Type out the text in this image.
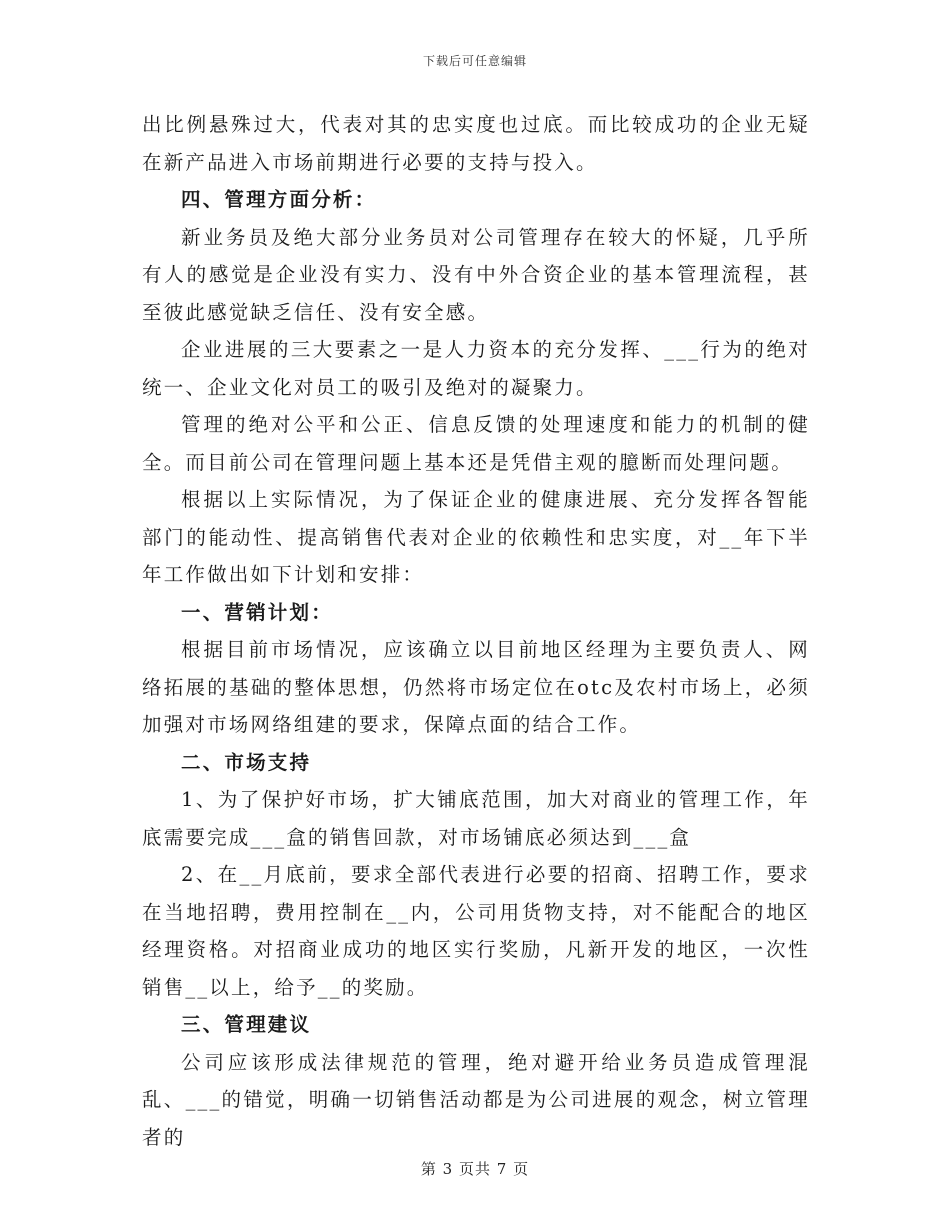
下载后可任意编辑

出比例悬殊过大，代表对其的忠实度也过底。而比较成功的企业无疑在新产品进入市场前期进行必要的支持与投入。

四、管理方面分析：

新业务员及绝大部分业务员对公司管理存在较大的怀疑，几乎所有人的感觉是企业没有实力、没有中外合资企业的基本管理流程，甚至彼此感觉缺乏信任、没有安全感。

企业进展的三大要素之一是人力资本的充分发挥、___行为的绝对统一、企业文化对员工的吸引及绝对的凝聚力。

管理的绝对公平和公正、信息反馈的处理速度和能力的机制的健全。而目前公司在管理问题上基本还是凭借主观的臆断而处理问题。

根据以上实际情况，为了保证企业的健康进展、充分发挥各智能部门的能动性、提高销售代表对企业的依赖性和忠实度，对__年下半年工作做出如下计划和安排：

一、营销计划：

根据目前市场情况，应该确立以目前地区经理为主要负责人、网络拓展的基础的整体思想，仍然将市场定位在otc及农村市场上，必须加强对市场网络组建的要求，保障点面的结合工作。

二、市场支持

1、为了保护好市场，扩大铺底范围，加大对商业的管理工作，年底需要完成___盒的销售回款，对市场铺底必须达到___盒

2、在__月底前，要求全部代表进行必要的招商、招聘工作，要求在当地招聘，费用控制在__内，公司用货物支持，对不能配合的地区经理资格。对招商业成功的地区实行奖励，凡新开发的地区，一次性销售__以上，给予__的奖励。

三、管理建议

公司应该形成法律规范的管理，绝对避开给业务员造成管理混乱、___的错觉，明确一切销售活动都是为公司进展的观念，树立管理者的

第 3 页共 7 页
